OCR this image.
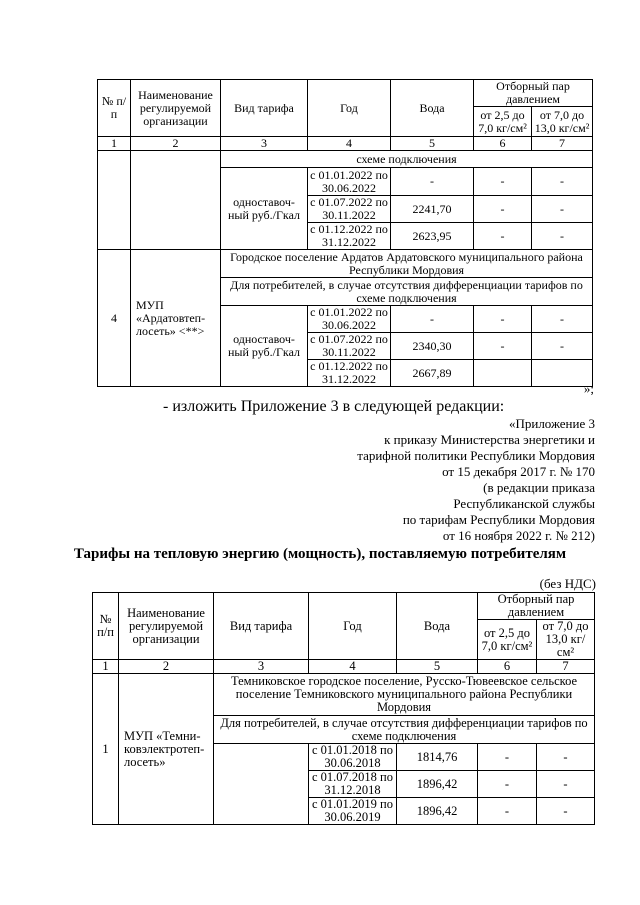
№ п/п	Наименование регулируемой организации	Вид тарифа	Год	Вода	Отборный пар давлением	
					от 2,5 до 7,0 кг/см²	от 7,0 до 13,0 кг/см²
1	2	3	4	5	6	7
		схеме подключения				
		одноставоч-ный руб./Гкал	с 01.01.2022 по 30.06.2022	-	-	-
			с 01.07.2022 по 30.11.2022	2241,70	-	-
			с 01.12.2022 по 31.12.2022	2623,95	-	-
4	МУП «Ардатовтеп-лосеть» <**>	Городское поселение Ардатов Ардатовского муниципального района Республики Мордовия				
		Для потребителей, в случае отсутствия дифференциации тарифов по схеме подключения				
		одноставоч-ный руб./Гкал	с 01.01.2022 по 30.06.2022	-	-	-
			с 01.07.2022 по 30.11.2022	2340,30	-	-
			с 01.12.2022 по 31.12.2022	2667,89		
»;
- изложить Приложение 3 в следующей редакции:
Тарифы на тепловую энергию (мощность), поставляемую потребителям
(без НДС)
№ п/п	Наименование регулируемой организации	Вид тарифа	Год	Вода	Отборный пар давлением	
					от 2,5 до 7,0 кг/см²	от 7,0 до 13,0 кг/см²
1	2	3	4	5	6	7
1	МУП «Темни-ковэлектротеп-лосеть»	Темниковское городское поселение, Русско-Тювеевское сельское поселение Темниковского муниципального района Республики Мордовия				
		Для потребителей, в случае отсутствия дифференциации тарифов по схеме подключения				
			с 01.01.2018 по 30.06.2018	1814,76	-	-
			с 01.07.2018 по 31.12.2018	1896,42	-	-
			с 01.01.2019 по 30.06.2019	1896,42	-	-
«Приложение 3
к приказу Министерства энергетики и
тарифной политики Республики Мордовия
от 15 декабря 2017 г. № 170
(в редакции приказа
Республиканской службы
по тарифам Республики Мордовия
от 16 ноября 2022 г. № 212)
